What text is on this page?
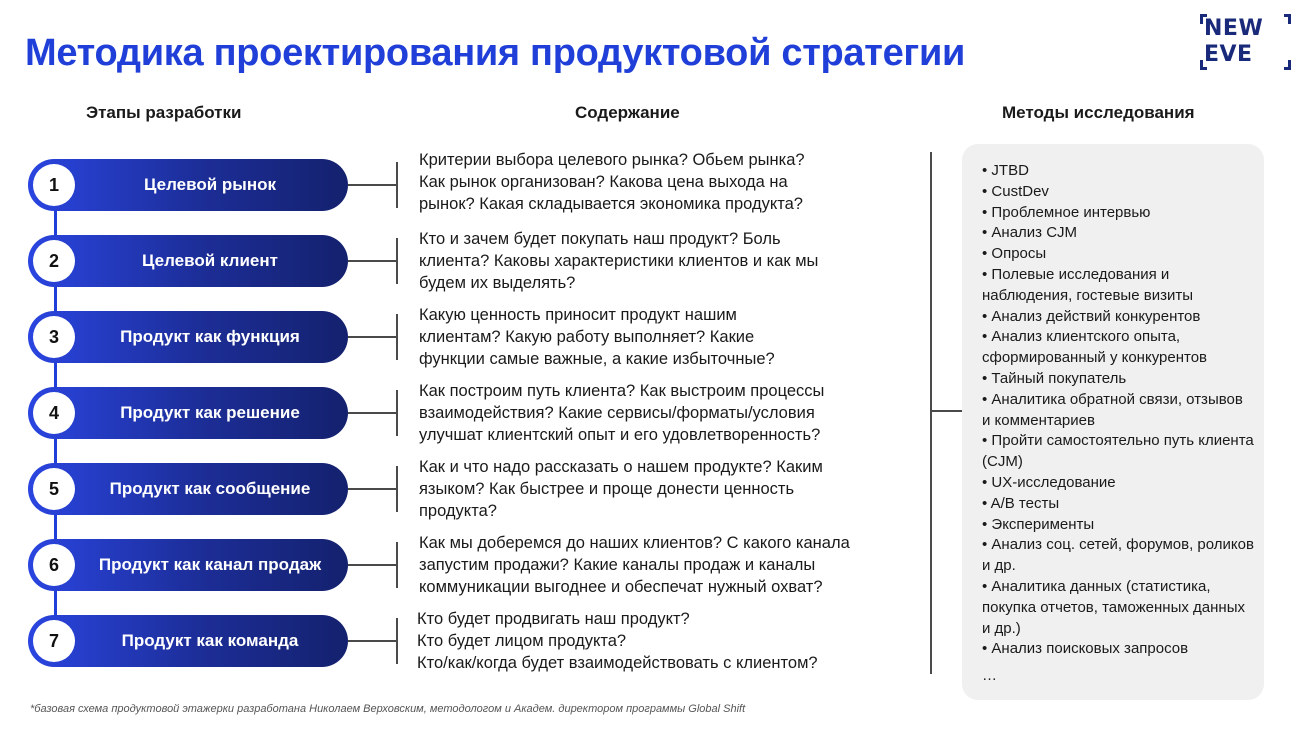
Методика проектирования продуктовой стратегии
NEW
EVE
Этапы разработки	Содержание	Методы исследования
1	Целевой рынок
Критерии выбора целевого рынка? Обьем рынка?
Как рынок организован? Какова цена выхода на
рынок? Какая складывается экономика продукта?
2	Целевой клиент
Кто и зачем будет покупать наш продукт? Боль
клиента? Каковы характеристики клиентов и как мы
будем их выделять?
3	Продукт как функция
Какую ценность приносит продукт нашим
клиентам? Какую работу выполняет? Какие
функции самые важные, а какие избыточные?
4	Продукт как решение
Как построим путь клиента? Как выстроим процессы
взаимодействия? Какие сервисы/форматы/условия
улучшат клиентский опыт и его удовлетворенность?
5	Продукт как сообщение
Как и что надо рассказать о нашем продукте? Каким
языком? Как быстрее и проще донести ценность
продукта?
6	Продукт как канал продаж
Как мы доберемся до наших клиентов? С какого канала
запустим продажи? Какие каналы продаж и каналы
коммуникации выгоднее и обеспечат нужный охват?
7	Продукт как команда
Кто будет продвигать наш продукт?
Кто будет лицом продукта?
Кто/как/когда будет взаимодействовать с клиентом?
• JTBD
• CustDev
• Проблемное интервью
• Анализ CJM
• Опросы
• Полевые исследования и наблюдения, гостевые визиты
• Анализ действий конкурентов
• Анализ клиентского опыта, сформированный у конкурентов
• Тайный покупатель
• Аналитика обратной связи, отзывов и комментариев
• Пройти самостоятельно путь клиента (CJM)
• UX-исследование
• A/B тесты
• Эксперименты
• Анализ соц. сетей, форумов, роликов и др.
• Аналитика данных (статистика, покупка отчетов, таможенных данных и др.)
• Анализ поисковых запросов
…
*базовая схема продуктовой этажерки разработана Николаем Верховским, методологом и Академ. директором программы Global Shift
